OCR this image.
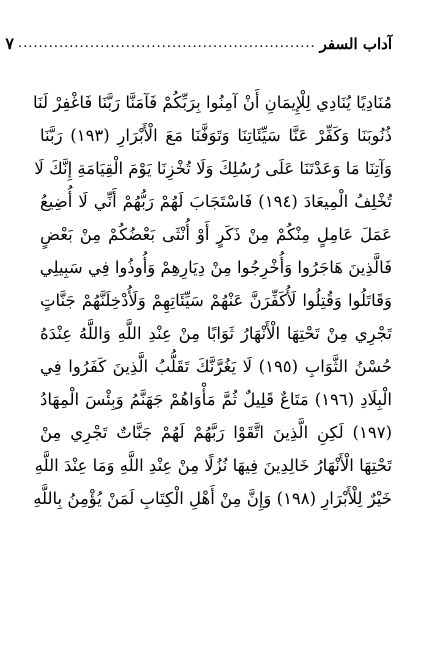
آداب السفر
..........................................................
٧
مُنَادِيًا يُنَادِي لِلْإِيمَانِ أَنْ آمِنُوا بِرَبِّكُمْ فَآمَنَّا رَبَّنَا فَاغْفِرْ لَنَا
ذُنُوبَنَا وَكَفِّرْ عَنَّا سَيِّئَاتِنَا وَتَوَفَّنَا مَعَ الْأَبْرَارِ (١٩٣) رَبَّنَا
وَآتِنَا مَا وَعَدْتَنَا عَلَى رُسُلِكَ وَلَا تُخْزِنَا يَوْمَ الْقِيَامَةِ إِنَّكَ لَا
تُخْلِفُ الْمِيعَادَ (١٩٤) فَاسْتَجَابَ لَهُمْ رَبُّهُمْ أَنِّي لَا أُضِيعُ
عَمَلَ عَامِلٍ مِنْكُمْ مِنْ ذَكَرٍ أَوْ أُنْثَى بَعْضُكُمْ مِنْ بَعْضٍ
فَالَّذِينَ هَاجَرُوا وَأُخْرِجُوا مِنْ دِيَارِهِمْ وَأُوذُوا فِي سَبِيلِي
وَقَاتَلُوا وَقُتِلُوا لَأُكَفِّرَنَّ عَنْهُمْ سَيِّئَاتِهِمْ وَلَأُدْخِلَنَّهُمْ جَنَّاتٍ
تَجْرِي مِنْ تَحْتِهَا الْأَنْهَارُ ثَوَابًا مِنْ عِنْدِ اللَّهِ وَاللَّهُ عِنْدَهُ
حُسْنُ الثَّوَابِ (١٩٥) لَا يَغُرَّنَّكَ تَقَلُّبُ الَّذِينَ كَفَرُوا فِي
الْبِلَادِ (١٩٦) مَتَاعٌ قَلِيلٌ ثُمَّ مَأْوَاهُمْ جَهَنَّمُ وَبِئْسَ الْمِهَادُ
(١٩٧) لَكِنِ الَّذِينَ اتَّقَوْا رَبَّهُمْ لَهُمْ جَنَّاتٌ تَجْرِي مِنْ
تَحْتِهَا الْأَنْهَارُ خَالِدِينَ فِيهَا نُزُلًا مِنْ عِنْدِ اللَّهِ وَمَا عِنْدَ اللَّهِ
خَيْرٌ لِلْأَبْرَارِ (١٩٨) وَإِنَّ مِنْ أَهْلِ الْكِتَابِ لَمَنْ يُؤْمِنُ بِاللَّهِ
